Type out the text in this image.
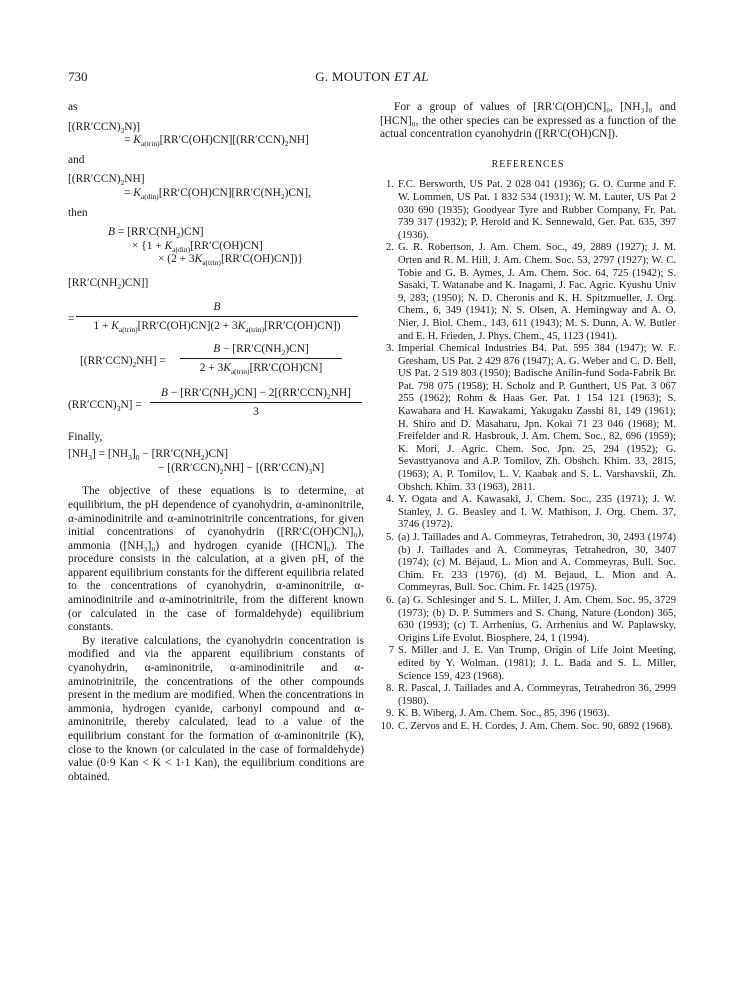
730	G. MOUTON ET AL
as
$[(RR'CCN)_3N)$]
= $K_{a(trin)}[RR'C(OH)CN][(RR'CCN)_2NH]$
and
$[(RR'CCN)_2NH]$
= $K_{a(din)}[RR'C(OH)CN][RR'C(NH_2)CN]$,
then
$B = [RR'C(NH_2)CN]$
× {$1 + K_{a(din)}[RR'C(OH)CN]$
× $(2 + 3K_{a(trin)}[RR'C(OH)CN])$}
$[RR'C(NH_2)CN]$]
=
B
$1 + K_{a(trin)}[RR'C(OH)CN](2 + 3K_{a(trin)}[RR'C(OH)CN])$
$[(RR'CCN)_2NH]$ =
$B - [RR'C(NH_2)CN]$
$2 + 3K_{a(trin)}[RR'C(OH)CN]$
$(RR'CCN)_3N$] =
$B - [RR'C(NH_2)CN] - 2[(RR'CCN)_2NH]$
3
Finally,
$[NH_3] = [NH_3]_0 - [RR'C(NH_2)CN]$
− $[(RR'CCN)_2NH] - [(RR'CCN)_3N]$
The objective of these equations is to determine, at equilibrium, the pH dependence of cyanohydrin, α-aminonitrile, α-aminodinitrile and α-aminotrinitrile concentrations, for given initial concentrations of cyanohydrin ([RR′C(OH)CN]₀), ammonia ([NH₃]₀) and hydrogen cyanide ([HCN]₀). The procedure consists in the calculation, at a given pH, of the apparent equilibrium constants for the different equilibria related to the concentrations of cyanohydrin, α-aminonitrile, α-aminodinitrile and α-aminotrinitrile, from the different known (or calculated in the case of formaldehyde) equilibrium constants.
By iterative calculations, the cyanohydrin concentration is modified and via the apparent equilibrium constants of cyanohydrin, α-aminonitrile, α-aminodinitrile and α-aminotrinitrile, the concentrations of the other compounds present in the medium are modified. When the concentrations in ammonia, hydrogen cyanide, carbonyl compound and α-aminonitrile, thereby calculated, lead to a value of the equilibrium constant for the formation of α-aminonitrile (K), close to the known (or calculated in the case of formaldehyde) value (0·9 Kan < K < 1·1 Kan), the equilibrium conditions are obtained.
For a group of values of [RR′C(OH)CN]₀, [NH₃]₀ and [HCN]₀, the other species can be expressed as a function of the actual concentration cyanohydrin ([RR′C(OH)CN]).
REFERENCES
1. F.C. Bersworth, US Pat. 2 028 041 (1936); G. O. Curme and F. W. Lommen, US Pat. 1 832 534 (1931); W. M. Lauter, US Pat 2 030 690 (1935); Goodyear Tyre and Rubber Company, Fr. Pat. 739 317 (1932); P. Herold and K. Sennewald, Ger. Pat. 635, 397 (1936).
2. G. R. Robertson, J. Am. Chem. Soc., 49, 2889 (1927); J. M. Orten and R. M. Hill, J. Am. Chem. Soc. 53, 2797 (1927); W. C. Tobie and G. B. Aymes, J. Am. Chem. Soc. 64, 725 (1942); S. Sasaki, T. Watanabe and K. Inagami, J. Fac. Agric. Kyushu Univ 9, 283; (1950); N. D. Cheronis and K. H. Spitzmueller, J. Org. Chem., 6, 349 (1941); N. S. Olsen, A. Hemingway and A. O. Nier, J. Biol. Chem., 143, 611 (1943); M. S. Dunn, A. W. Butler and E. H. Frieden, J. Phys. Chem., 45, 1123 (1941).
3. Imperial Chemical Industries B4. Pat. 595 384 (1947); W. F. Gresham, US Pat. 2 429 876 (1947); A. G. Weber and C. D. Bell, US Pat. 2 519 803 (1950); Badische Anilin-fund Soda-Fabrik Br. Pat. 798 075 (1958); H. Scholz and P. Gunthert, US Pat. 3 067 255 (1962); Rohm & Haas Ger. Pat. 1 154 121 (1963); S. Kawahara and H. Kawakami, Yakugaku Zasshi 81, 149 (1961); H. Shiro and D. Masaharu, Jpn. Kokai 71 23 046 (1968); M. Freifelder and R. Hasbrouk, J. Am. Chem. Soc., 82, 696 (1959); K. Mori, J. Agric. Chem. Soc. Jpn. 25, 294 (1952); G. Sevasttyanova and A.P. Tomilov, Zh. Obshch. Khim. 33, 2815, (1963); A. P. Tomilov, L. V. Kaabak and S. L. Varshavskii, Zh. Obshch. Khim. 33 (1963), 2811.
4. Y. Ogata and A. Kawasaki, J. Chem. Soc., 235 (1971); J. W. Stanley, J. G. Beasley and I. W. Mathison, J. Org. Chem. 37, 3746 (1972).
5. (a) J. Taillades and A. Commeyras, Tetrahedron, 30, 2493 (1974) (b) J. Taillades and A. Commeyras, Tetrahedron, 30, 3407 (1974); (c) M. Béjaud, L. Mion and A. Commeyras, Bull. Soc. Chim. Fr. 233 (1976), (d) M. Bejaud, L. Mion and A. Commeyras, Bull. Soc. Chim. Fr. 1425 (1975).
6. (a) G. Schlesinger and S. L. Miller, J. Am. Chem. Soc. 95, 3729 (1973); (b) D. P. Summers and S. Chang, Nature (London) 365, 630 (1993); (c) T. Arrhenius, G. Arrhenius and W. Paplawsky, Origins Life Evolut. Biosphere, 24, 1 (1994).
7 S. Miller and J. E. Van Trump, Origin of Life Joint Meeting, edited by Y. Wolman. (1981); J. L. Bada and S. L. Miller, Science 159, 423 (1968).
8. R. Pascal, J. Taillades and A. Commeyras, Tetrahedron 36, 2999 (1980).
9. K. B. Wiberg, J. Am. Chem. Soc., 85, 396 (1963).
10. C. Zervos and E. H. Cordes, J. Am. Chem. Soc. 90, 6892 (1968).
